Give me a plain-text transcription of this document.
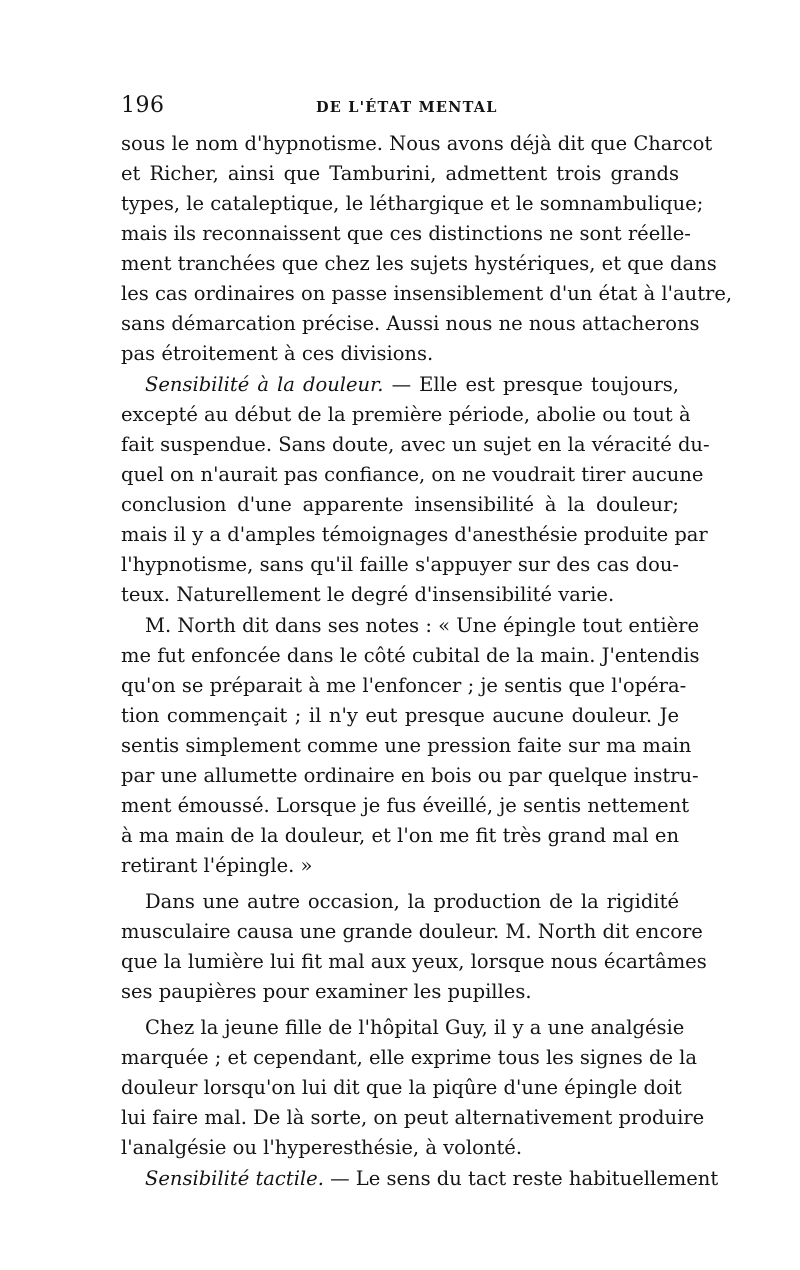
196	DE L'ÉTAT MENTAL
sous le nom d'hypnotisme. Nous avons déjà dit que Charcot
et Richer, ainsi que Tamburini, admettent trois grands
types, le cataleptique, le léthargique et le somnambulique;
mais ils reconnaissent que ces distinctions ne sont réelle-
ment tranchées que chez les sujets hystériques, et que dans
les cas ordinaires on passe insensiblement d'un état à l'autre,
sans démarcation précise. Aussi nous ne nous attacherons
pas étroitement à ces divisions.
Sensibilité à la douleur. — Elle est presque toujours,
excepté au début de la première période, abolie ou tout à
fait suspendue. Sans doute, avec un sujet en la véracité du-
quel on n'aurait pas confiance, on ne voudrait tirer aucune
conclusion d'une apparente insensibilité à la douleur;
mais il y a d'amples témoignages d'anesthésie produite par
l'hypnotisme, sans qu'il faille s'appuyer sur des cas dou-
teux. Naturellement le degré d'insensibilité varie.
M. North dit dans ses notes : « Une épingle tout entière
me fut enfoncée dans le côté cubital de la main. J'entendis
qu'on se préparait à me l'enfoncer ; je sentis que l'opéra-
tion commençait ; il n'y eut presque aucune douleur. Je
sentis simplement comme une pression faite sur ma main
par une allumette ordinaire en bois ou par quelque instru-
ment émoussé. Lorsque je fus éveillé, je sentis nettement
à ma main de la douleur, et l'on me fit très grand mal en
retirant l'épingle. »
Dans une autre occasion, la production de la rigidité
musculaire causa une grande douleur. M. North dit encore
que la lumière lui fit mal aux yeux, lorsque nous écartâmes
ses paupières pour examiner les pupilles.
Chez la jeune fille de l'hôpital Guy, il y a une analgésie
marquée ; et cependant, elle exprime tous les signes de la
douleur lorsqu'on lui dit que la piqûre d'une épingle doit
lui faire mal. De là sorte, on peut alternativement produire
l'analgésie ou l'hyperesthésie, à volonté.
Sensibilité tactile. — Le sens du tact reste habituellement
